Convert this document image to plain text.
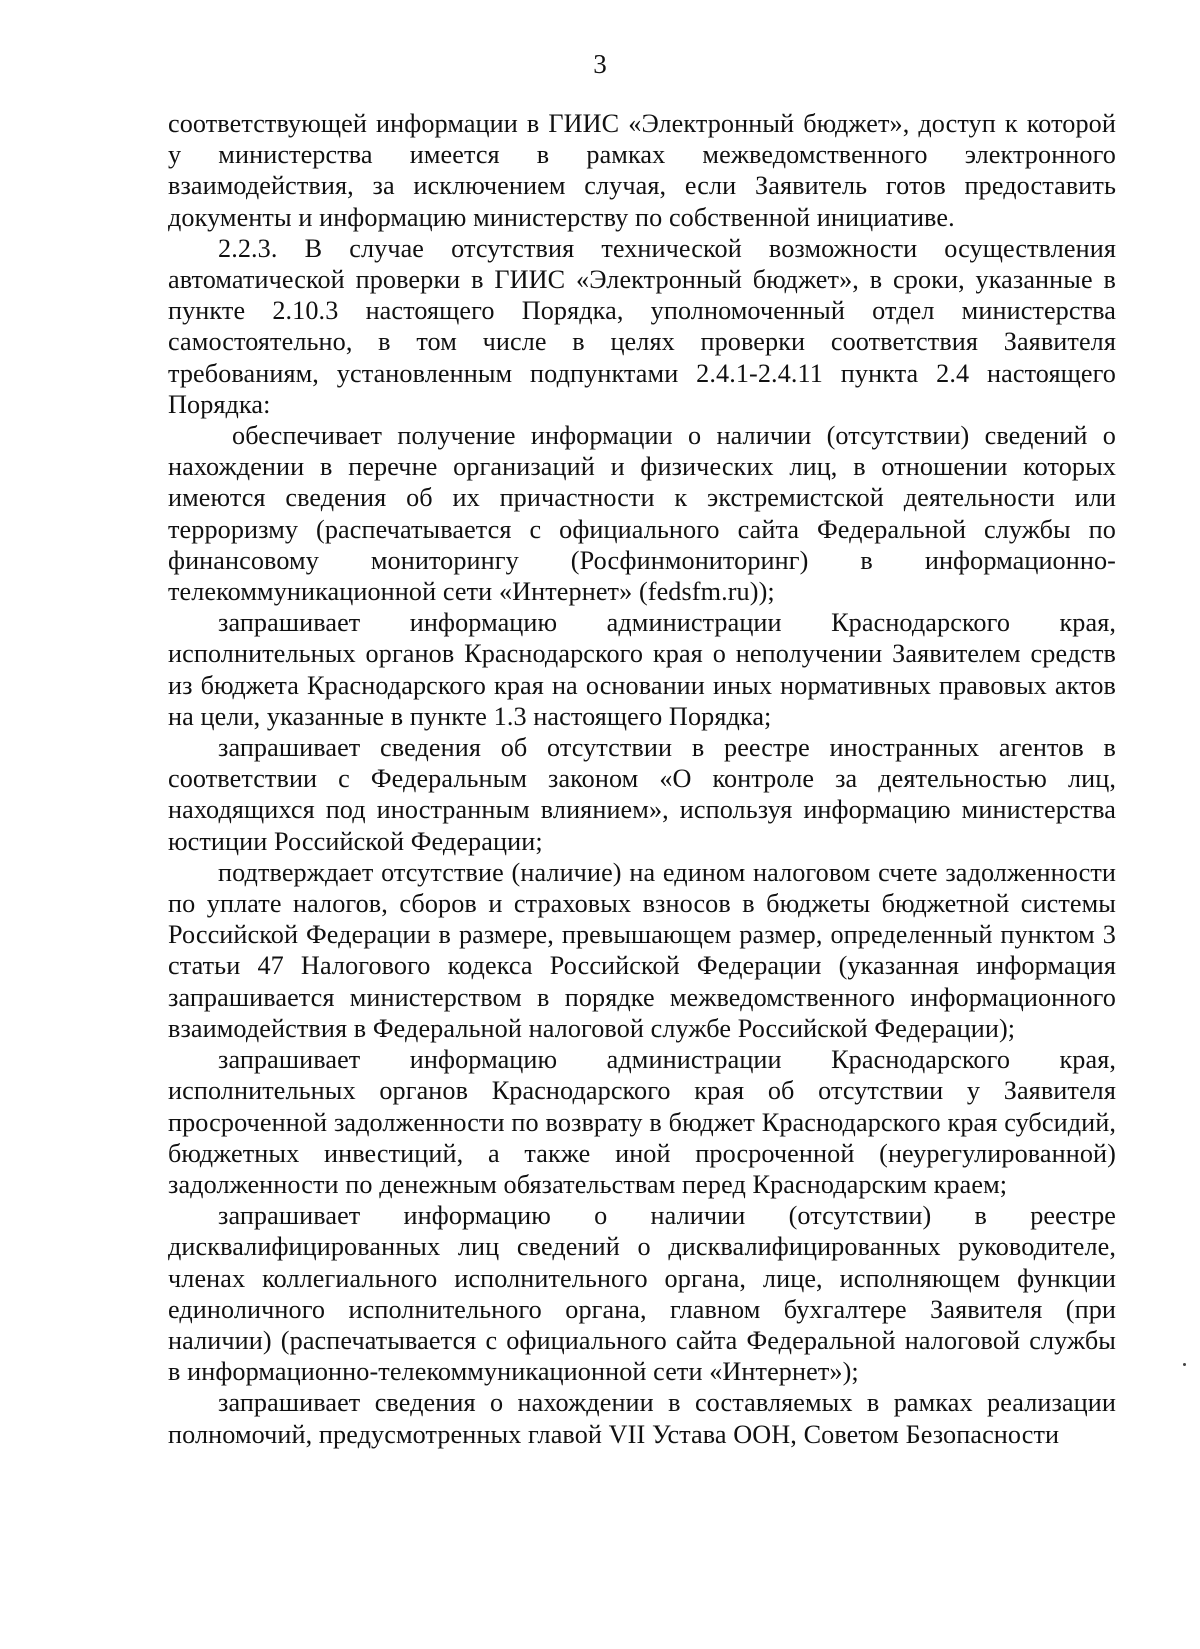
3

соответствующей информации в ГИИС «Электронный бюджет», доступ к которой у министерства имеется в рамках межведомственного электронного взаимодействия, за исключением случая, если Заявитель готов предоставить документы и информацию министерству по собственной инициативе.

2.2.3. В случае отсутствия технической возможности осуществления автоматической проверки в ГИИС «Электронный бюджет», в сроки, указанные в пункте 2.10.3 настоящего Порядка, уполномоченный отдел министерства самостоятельно, в том числе в целях проверки соответствия Заявителя требованиям, установленным подпунктами 2.4.1-2.4.11 пункта 2.4 настоящего Порядка:

обеспечивает получение информации о наличии (отсутствии) сведений о нахождении в перечне организаций и физических лиц, в отношении которых имеются сведения об их причастности к экстремистской деятельности или терроризму (распечатывается с официального сайта Федеральной службы по финансовому мониторингу (Росфинмониторинг) в информационно-телекоммуникационной сети «Интернет» (fedsfm.ru));

запрашивает информацию администрации Краснодарского края, исполнительных органов Краснодарского края о неполучении Заявителем средств из бюджета Краснодарского края на основании иных нормативных правовых актов на цели, указанные в пункте 1.3 настоящего Порядка;

запрашивает сведения об отсутствии в реестре иностранных агентов в соответствии с Федеральным законом «О контроле за деятельностью лиц, находящихся под иностранным влиянием», используя информацию министерства юстиции Российской Федерации;

подтверждает отсутствие (наличие) на едином налоговом счете задолженности по уплате налогов, сборов и страховых взносов в бюджеты бюджетной системы Российской Федерации в размере, превышающем размер, определенный пунктом 3 статьи 47 Налогового кодекса Российской Федерации (указанная информация запрашивается министерством в порядке межведомственного информационного взаимодействия в Федеральной налоговой службе Российской Федерации);

запрашивает информацию администрации Краснодарского края, исполнительных органов Краснодарского края об отсутствии у Заявителя просроченной задолженности по возврату в бюджет Краснодарского края субсидий, бюджетных инвестиций, а также иной просроченной (неурегулированной) задолженности по денежным обязательствам перед Краснодарским краем;

запрашивает информацию о наличии (отсутствии) в реестре дисквалифицированных лиц сведений о дисквалифицированных руководителе, членах коллегиального исполнительного органа, лице, исполняющем функции единоличного исполнительного органа, главном бухгалтере Заявителя (при наличии) (распечатывается с официального сайта Федеральной налоговой службы в информационно-телекоммуникационной сети «Интернет»);

запрашивает сведения о нахождении в составляемых в рамках реализации полномочий, предусмотренных главой VII Устава ООН, Советом Безопасности
